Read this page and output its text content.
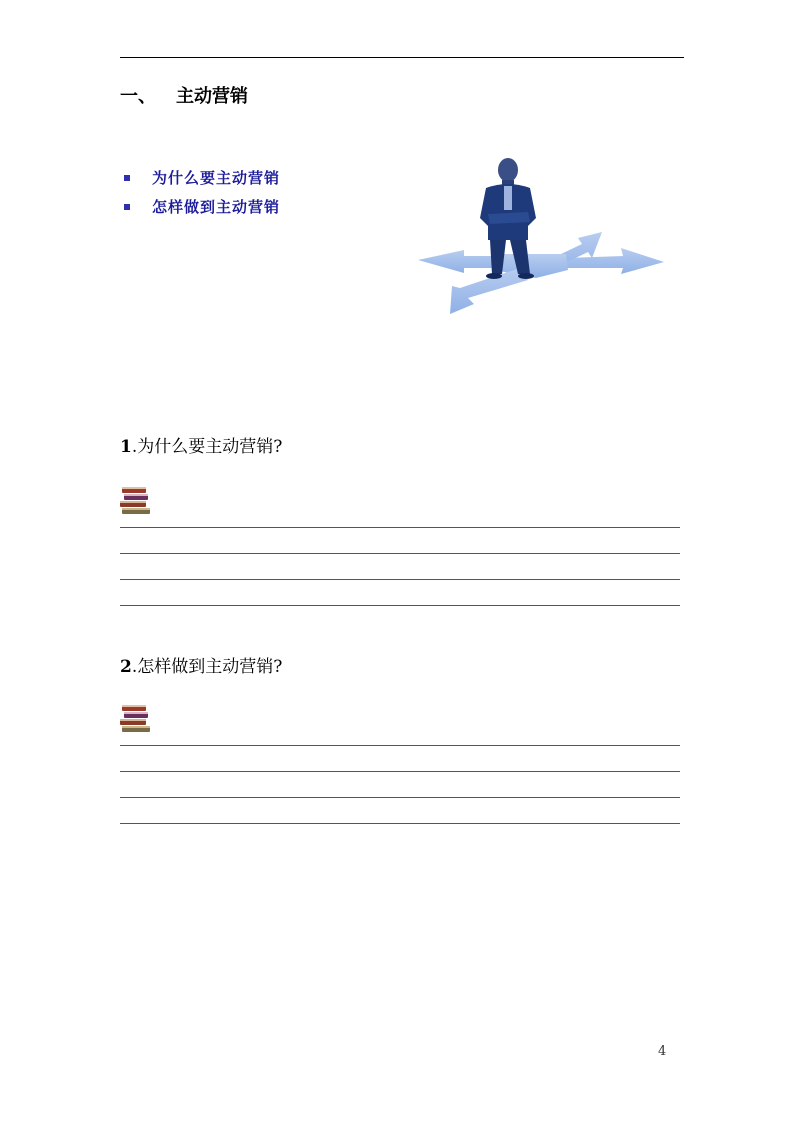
一、 主动营销
为什么要主动营销
怎样做到主动营销
1.为什么要主动营销?
2.怎样做到主动营销?
4
